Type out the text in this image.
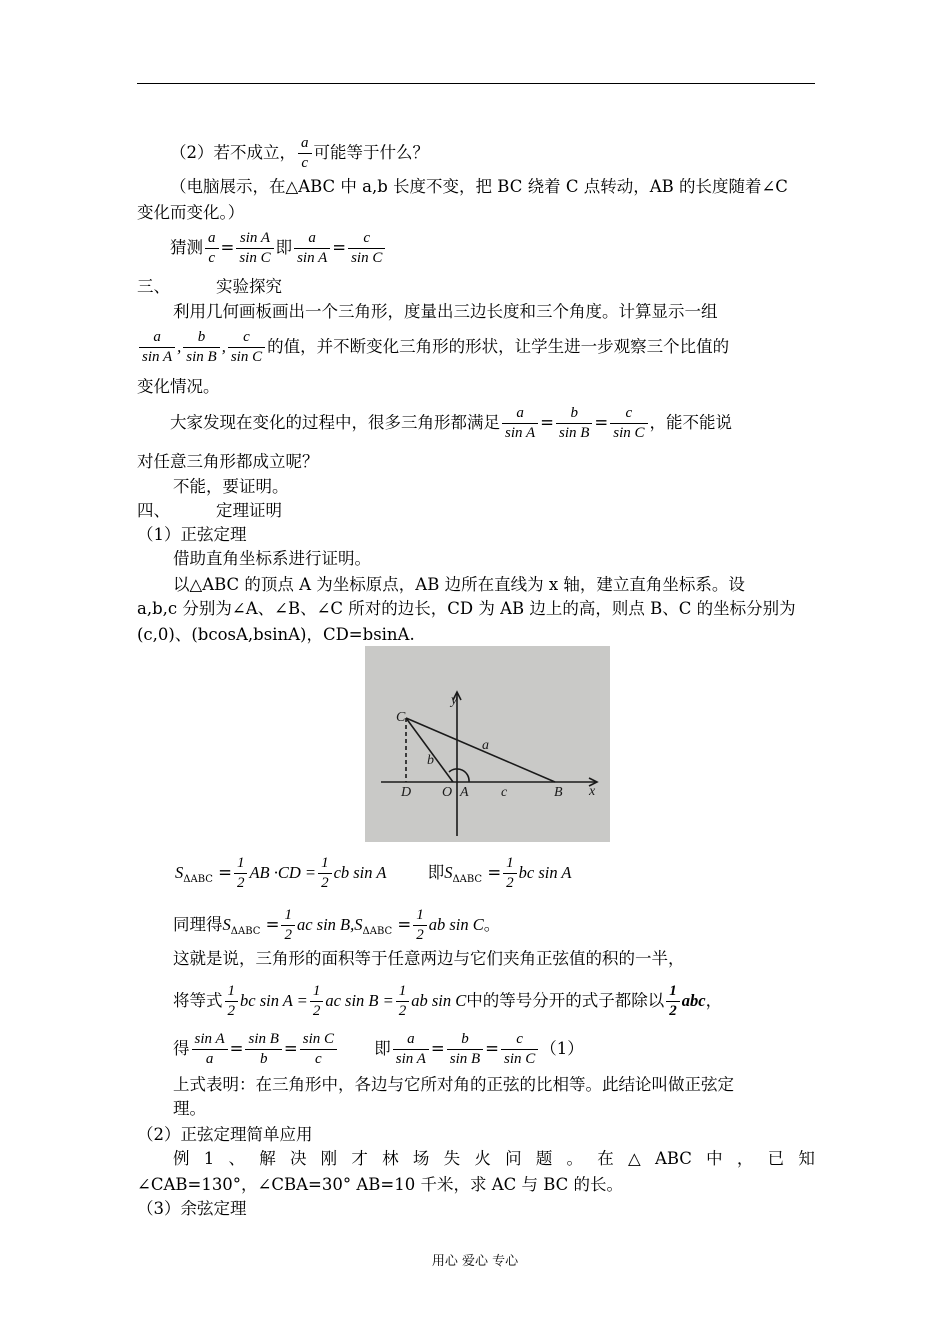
（2）若不成立， $\frac{a}{c}$ 可能等于什么？
（电脑展示，在△ABC 中 a,b 长度不变，把 BC 绕着 C 点转动，AB 的长度随着∠C
变化而变化。）
猜测 $\frac{a}{c} = \frac{\text{sin A}}{\text{sin C}}$ 即 $\frac{a}{\text{sin A}} = \frac{c}{\text{sin C}}$
三、	实验探究
利用几何画板画出一个三角形，度量出三边长度和三个角度。计算显示一组
$\frac{a}{\text{sin A}}$ , $\frac{b}{\text{sin B}}$ , $\frac{c}{\text{sin C}}$ 的值，并不断变化三角形的形状，让学生进一步观察三个比值的
变化情况。
大家发现在变化的过程中，很多三角形都满足 $\frac{a}{\text{sin A}} = \frac{b}{\text{sin B}} = \frac{c}{\text{sin C}}$ ，能不能说
对任意三角形都成立呢？
不能，要证明。
四、	定理证明
（1）正弦定理
借助直角坐标系进行证明。
以△ABC 的顶点 A 为坐标原点，AB 边所在直线为 x 轴，建立直角坐标系。设
a,b,c 分别为∠A、∠B、∠C 所对的边长，CD 为 AB 边上的高，则点 B、C 的坐标分别为
(c,0)、(bcosA,bsinA)，CD=bsinA.
y
x
C
a
b
D O A c	B
$S_{\Delta ABC} = \frac{1}{2}$ AB $\cdot CD = \frac{1}{2}$ cb sin A	即$S_{\Delta ABC} = \frac{1}{2}$ bc sin A
同理得$S_{\Delta ABC} = \frac{1}{2}$ ac $\sin B,S_{\Delta ABC} = \frac{1}{2}$ ab sin C。
这就是说，三角形的面积等于任意两边与它们夹角正弦值的积的一半，
将等式 $\frac{1}{2}$ bc $\sin A = \frac{1}{2}$ ac $\sin B = \frac{1}{2}$ ab sin C中的等号分开的式子都除以 $\frac{1}{2}$ abc，
得 $\frac{\text{sin A}}{a} = \frac{\text{sin B}}{b} = \frac{\text{sin C}}{c}$ 即 $\frac{a}{\text{sin A}} = \frac{b}{\text{sin B}} = \frac{c}{\text{sin C}} (1)$
上式表明：在三角形中，各边与它所对角的正弦的比相等。此结论叫做正弦定
理。
（2）正弦定理简单应用
例 1 、 解 决 刚 才 林 场 失 火 问 题 。 在 △ ABC 中 ， 已 知
∠CAB=130°，∠CBA=30° AB=10 千米，求 AC 与 BC 的长。
（3）余弦定理
用心 爱心 专心
